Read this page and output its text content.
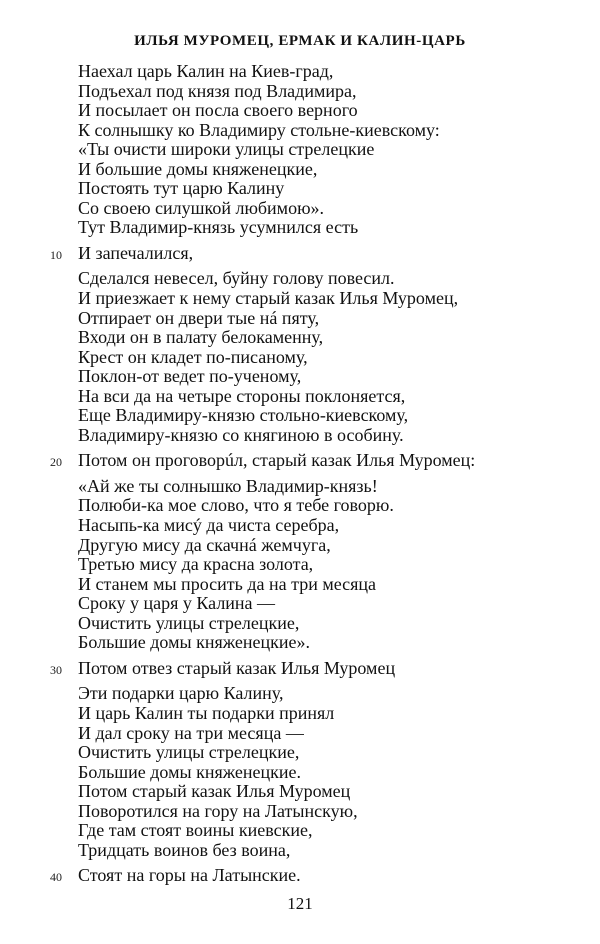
ИЛЬЯ МУРОМЕЦ, ЕРМАК И КАЛИН-ЦАРЬ
Наехал царь Калин на Киев-град,
Подъехал под князя под Владимира,
И посылает он посла своего верного
К солнышку ко Владимиру стольне-киевскому:
«Ты очисти широки улицы стрелецкие
И большие домы княженецкие,
Постоять тут царю Калину
Со своею силушкой любимою».
Тут Владимир-князь усумнился есть
10 И запечалился,
Сделался невесел, буйну голову повесил.
И приезжает к нему старый казак Илья Муромец,
Отпирает он двери тые нá пяту,
Входи он в палату белокаменну,
Крест он кладет по-писаному,
Поклон-от ведет по-ученому,
На вси да на четыре стороны поклоняется,
Еще Владимиру-князю стольно-киевскому,
Владимиру-князю со княгиною в особину.
20 Потом он проговорúл, старый казак Илья Муромец:
«Ай же ты солнышко Владимир-князь!
Полюби-ка мое слово, что я тебе говорю.
Насыпь-ка мисý да чиста серебра,
Другую мису да скачнá жемчуга,
Третью мису да красна золота,
И станем мы просить да на три месяца
Сроку у царя у Калина —
Очистить улицы стрелецкие,
Большие домы княженецкие».
30 Потом отвез старый казак Илья Муромец
Эти подарки царю Калину,
И царь Калин ты подарки принял
И дал сроку на три месяца —
Очистить улицы стрелецкие,
Большие домы княженецкие.
Потом старый казак Илья Муромец
Поворотился на гору на Латынскую,
Где там стоят воины киевские,
Тридцать воинов без воина,
40 Стоят на горы на Латынские.
121
